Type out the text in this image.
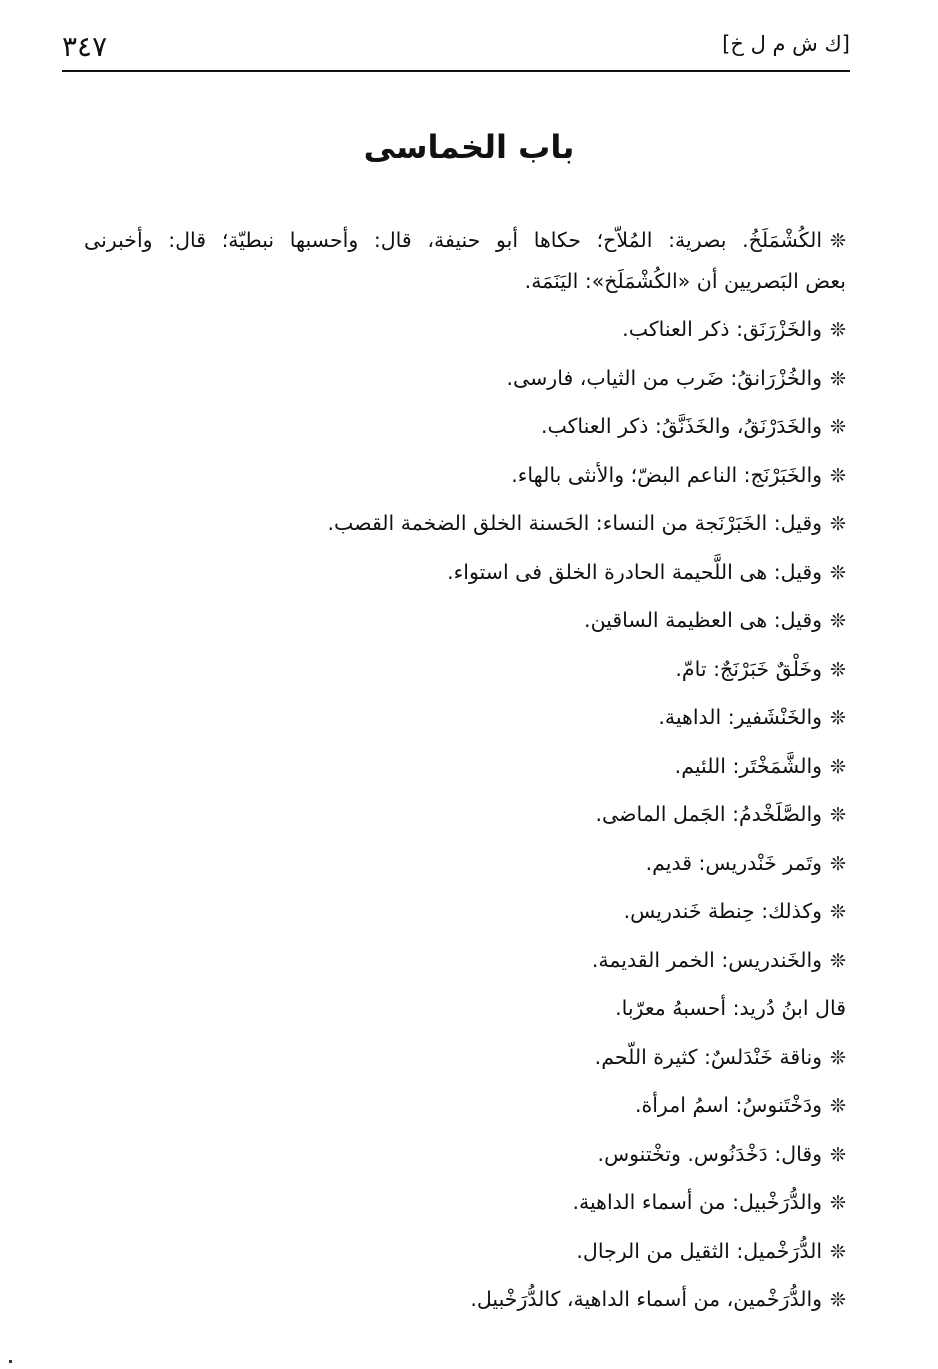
٣٤٧	[ك ش م ل خ]
باب الخماسى
❊الكُشْمَلَخُ. بصرية: المُلاّح؛ حكاها أبو حنيفة، قال: وأحسبها نبطيّة؛ قال: وأخبرنى
بعض البَصريين أن «الكُشْمَلَخ»: اليَنَمَة.
❊والخَزْرَنَق: ذكر العناكب.
❊والخُزْرَانقُ: ضَرب من الثياب، فارسى.
❊والخَدَرْنَقُ، والخَذَنَّقُ: ذكر العناكب.
❊والخَبَرْنَج: الناعم البضّ؛ والأنثى بالهاء.
❊وقيل: الخَبَرْنَجة من النساء: الحَسنة الخلق الضخمة القصب.
❊وقيل: هى اللَّحيمة الحادرة الخلق فى استواء.
❊وقيل: هى العظيمة الساقين.
❊وخَلْقٌ خَبَرْنَجٌ: تامّ.
❊والخَنْشَفير: الداهية.
❊والشَّمَخْتَر: اللئيم.
❊والصَّلَخْدمُ: الجَمل الماضى.
❊وتَمر خَنْدريس: قديم.
❊وكذلك: حِنطة خَندريس.
❊والخَندريس: الخمر القديمة.
قال ابنُ دُريد: أحسبهُ معرّبا.
❊وناقة خَنْدَلسٌ: كثيرة اللّحم.
❊ودَخْتَنوسُ: اسمُ امرأة.
❊وقال: دَخْدَنُوس. وتخْتنوس.
❊والدُّرَخْبيل: من أسماء الداهية.
❊الدُّرَخْميل: الثقيل من الرجال.
❊والدُّرَخْمين، من أسماء الداهية، كالدُّرَخْبيل.
